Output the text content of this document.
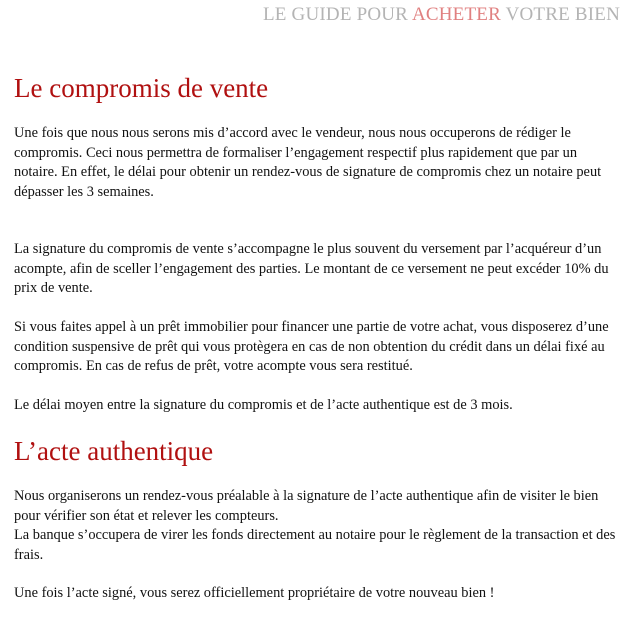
LE GUIDE POUR ACHETER VOTRE BIEN
Le compromis de vente

Une fois que nous nous serons mis d’accord avec le vendeur, nous nous occuperons de rédiger le compromis. Ceci nous permettra de formaliser l’engagement respectif plus rapidement que par un notaire. En effet, le délai pour obtenir un rendez-vous de signature de compromis chez un notaire peut dépasser les 3 semaines.

La signature du compromis de vente s’accompagne le plus souvent du versement par l’acquéreur d’un acompte, afin de sceller l’engagement des parties. Le montant de ce versement ne peut excéder 10% du prix de vente.

Si vous faites appel à un prêt immobilier pour financer une partie de votre achat, vous disposerez d’une condition suspensive de prêt qui vous protègera en cas de non obtention du crédit dans un délai fixé au compromis. En cas de refus de prêt, votre acompte vous sera restitué.

Le délai moyen entre la signature du compromis et de l’acte authentique est de 3 mois.

L’acte authentique

Nous organiserons un rendez-vous préalable à la signature de l’acte authentique afin de visiter le bien pour vérifier son état et relever les compteurs.
La banque s’occupera de virer les fonds directement au notaire pour le règlement de la transaction et des frais.

Une fois l’acte signé, vous serez officiellement propriétaire de votre nouveau bien !
